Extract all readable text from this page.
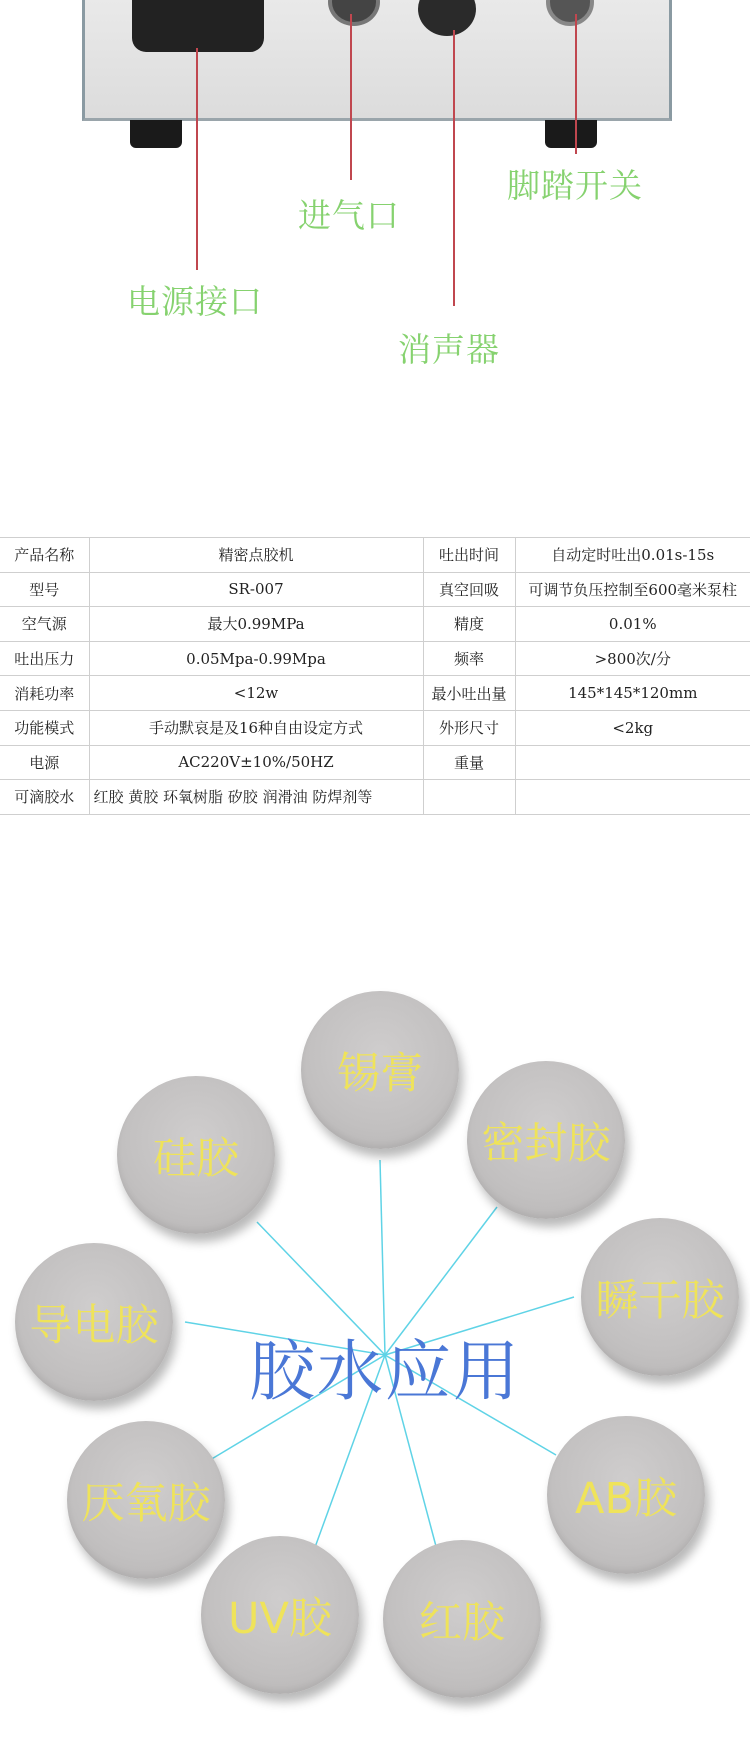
进气口
脚踏开关
电源接口
消声器
产品名称	精密点胶机	吐出时间	自动定时吐出0.01s-15s
型号	SR-007	真空回吸	可调节负压控制至600毫米泵柱
空气源	最大0.99MPa	精度	0.01%
吐出压力	0.05Mpa-0.99Mpa	频率	>800次/分
消耗功率	<12w	最小吐出量	145*145*120mm
功能模式	手动默哀是及16种自由设定方式	外形尺寸	<2kg
电源	AC220V±10%/50HZ	重量	
可滴胶水	红胶 黄胶 环氧树脂 矽胶 润滑油 防焊剂等		
胶水应用
锡膏
密封胶
瞬干胶
AB胶
红胶
UV胶
厌氧胶
导电胶
硅胶
